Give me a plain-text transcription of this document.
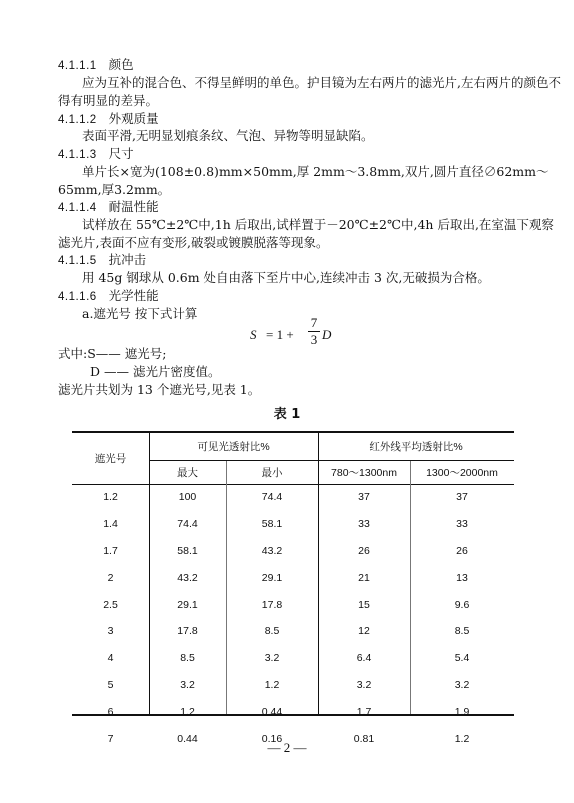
4.1.1.1 颜色
应为互补的混合色、不得呈鲜明的单色。护目镜为左右两片的滤光片,左右两片的颜色不
得有明显的差异。
4.1.1.2 外观质量
表面平滑,无明显划痕条纹、气泡、异物等明显缺陷。
4.1.1.3 尺寸
单片长×宽为(108±0.8)mm×50mm,厚 2mm～3.8mm,双片,圆片直径∅62mm～
65mm,厚3.2mm。
4.1.1.4 耐温性能
试样放在 55℃±2℃中,1h 后取出,试样置于－20℃±2℃中,4h 后取出,在室温下观察
滤光片,表面不应有变形,破裂或镀膜脱落等现象。
4.1.1.5 抗冲击
用 45g 钢球从 0.6m 处自由落下至片中心,连续冲击 3 次,无破损为合格。
4.1.1.6 光学性能
a.遮光号 按下式计算
S = 1 +
7
3 D
式中:S—— 遮光号;
D —— 滤光片密度值。
滤光片共划为 13 个遮光号,见表 1。
表 1
遮光号	可见光透射比%		红外线平均透射比%	
	最大	最小	780～1300nm	1300～2000nm
1.2	100	74.4	37	37
1.4	74.4	58.1	33	33
1.7	58.1	43.2	26	26
2	43.2	29.1	21	13
2.5	29.1	17.8	15	9.6
3	17.8	8.5	12	8.5
4	8.5	3.2	6.4	5.4
5	3.2	1.2	3.2	3.2
6	1.2	0.44	1.7	1.9
7	0.44	0.16	0.81	1.2
— 2 —
